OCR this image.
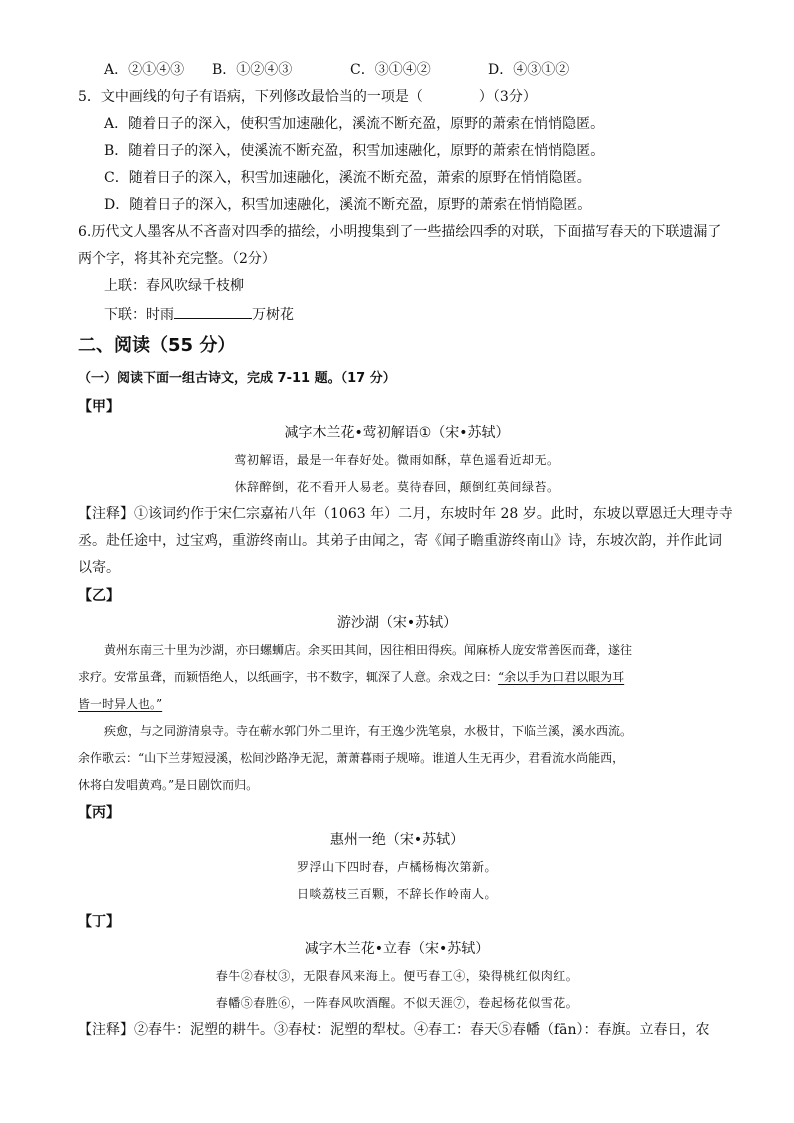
A．②①④③ B．①②④③	C．③①④②	D．④③①②
5．文中画线的句子有语病，下列修改最恰当的一项是（　　　　）（3分）
A．随着日子的深入，使积雪加速融化，溪流不断充盈，原野的萧索在悄悄隐匿。
B．随着日子的深入，使溪流不断充盈，积雪加速融化，原野的萧索在悄悄隐匿。
C．随着日子的深入，积雪加速融化，溪流不断充盈，萧索的原野在悄悄隐匿。
D．随着日子的深入，积雪加速融化，溪流不断充盈，原野的萧索在悄悄隐匿。
6.历代文人墨客从不吝啬对四季的描绘，小明搜集到了一些描绘四季的对联，下面描写春天的下联遗漏了
两个字，将其补充完整。（2分）
上联：春风吹绿千枝柳
下联：时雨	万树花
二、阅读（55 分）
（一）阅读下面一组古诗文，完成 7-11 题。（17 分）
【甲】
减字木兰花•莺初解语①（宋•苏轼）
莺初解语，最是一年春好处。微雨如酥，草色遥看近却无。
休辞醉倒，花不看开人易老。莫待春回，颠倒红英间绿苔。
【注释】①该词约作于宋仁宗嘉祐八年（1063 年）二月，东坡时年 28 岁。此时，东坡以覃恩迁大理寺寺
丞。赴任途中，过宝鸡，重游终南山。其弟子由闻之，寄《闻子瞻重游终南山》诗，东坡次韵，并作此词
以寄。
【乙】
游沙湖（宋•苏轼）
黄州东南三十里为沙湖，亦曰螺蛳店。余买田其间，因往相田得疾。闻麻桥人庞安常善医而聋，遂往
求疗。安常虽聋，而颖悟绝人，以纸画字，书不数字，辄深了人意。余戏之曰：“余以手为口君以眼为耳
皆一时异人也。”
疾愈，与之同游清泉寺。寺在蕲水郭门外二里许，有王逸少洗笔泉，水极甘，下临兰溪，溪水西流。
余作歌云：“山下兰芽短浸溪，松间沙路净无泥，萧萧暮雨子规啼。谁道人生无再少，君看流水尚能西，
休将白发唱黄鸡。”是日剧饮而归。
【丙】
惠州一绝（宋•苏轼）
罗浮山下四时春，卢橘杨梅次第新。
日啖荔枝三百颗，不辞长作岭南人。
【丁】
减字木兰花•立春（宋•苏轼）
春牛②春杖③，无限春风来海上。便丐春工④，染得桃红似肉红。
春幡⑤春胜⑥，一阵春风吹酒醒。不似天涯⑦，卷起杨花似雪花。
【注释】②春牛：泥塑的耕牛。③春杖：泥塑的犁杖。④春工：春天⑤春幡（fān）：春旗。立春日，农
